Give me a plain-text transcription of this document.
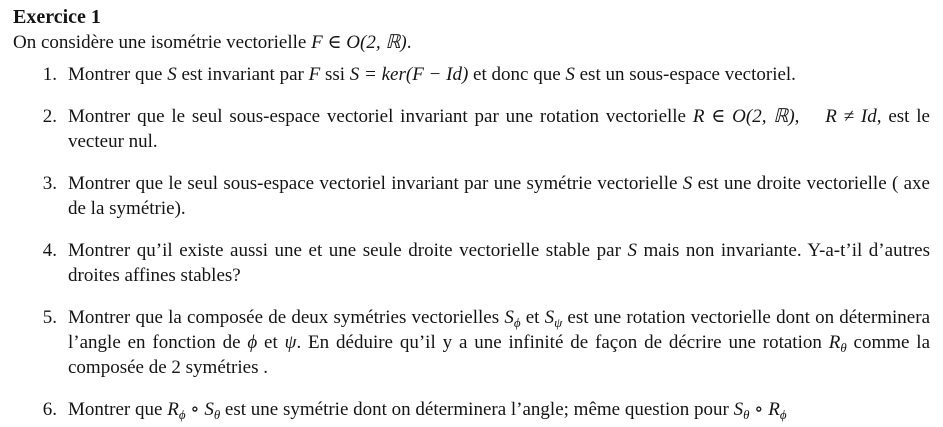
Exercice 1

On considère une isométrie vectorielle F ∈ O(2, ℝ).

1. Montrer que S est invariant par F ssi S = ker(F − Id) et donc que S est un sous-espace vectoriel.
2. Montrer que le seul sous-espace vectoriel invariant par une rotation vectorielle R ∈ O(2, ℝ),  R ≠ Id, est le vecteur nul.
3. Montrer que le seul sous-espace vectoriel invariant par une symétrie vectorielle S est une droite vectorielle ( axe de la symétrie).
4. Montrer qu’il existe aussi une et une seule droite vectorielle stable par S mais non invariante. Y-a-t’il d’autres droites affines stables?
5. Montrer que la composée de deux symétries vectorielles $S_\phi$ et $S_\psi$ est une rotation vectorielle dont on déterminera l’angle en fonction de ϕ et ψ. En déduire qu’il y a une infinité de façon de décrire une rotation $R_\theta$ comme la composée de 2 symétries .
6. Montrer que $R_\phi$ ∘ $S_\theta$ est une symétrie dont on déterminera l’angle; même question pour $S_\theta$ ∘ $R_\phi$
